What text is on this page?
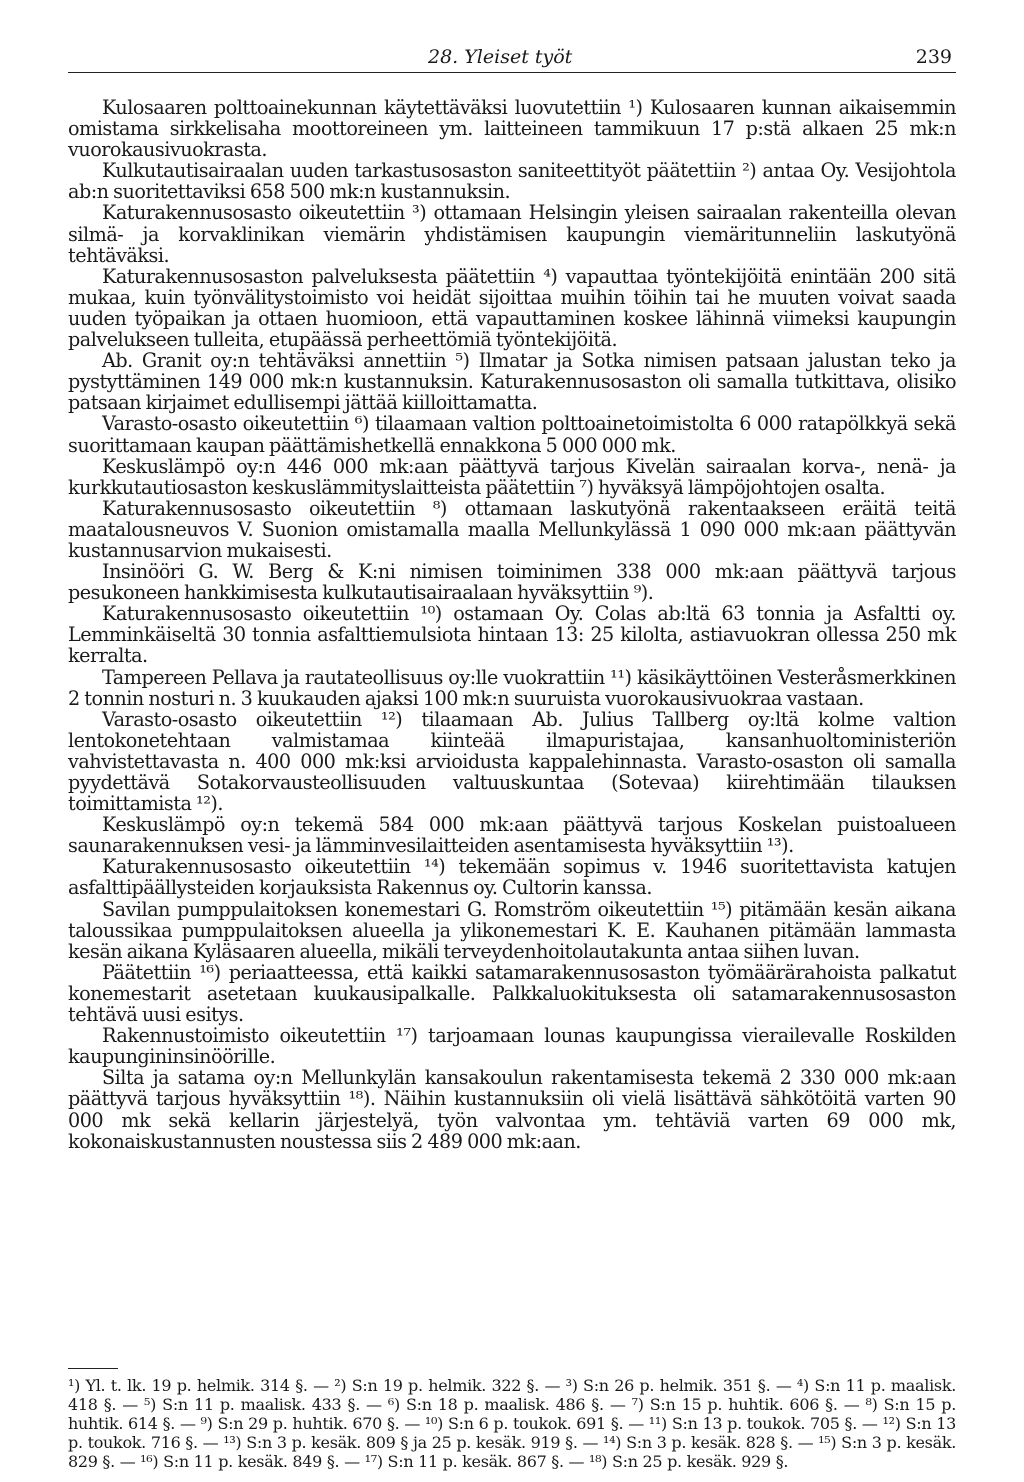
28. Yleiset työt	239

Kulosaaren polttoainekunnan käytettäväksi luovutettiin ¹) Kulosaaren kunnan aikaisemmin omistama sirkkelisaha moottoreineen ym. laitteineen tammikuun 17 p:stä alkaen 25 mk:n vuorokausivuokrasta.

Kulkutautisairaalan uuden tarkastusosaston saniteettityöt päätettiin ²) antaa Oy. Vesijohtola ab:n suoritettaviksi 658 500 mk:n kustannuksin.

Katurakennusosasto oikeutettiin ³) ottamaan Helsingin yleisen sairaalan rakenteilla olevan silmä- ja korvaklinikan viemärin yhdistämisen kaupungin viemäritunneliin laskutyönä tehtäväksi.

Katurakennusosaston palveluksesta päätettiin ⁴) vapauttaa työntekijöitä enintään 200 sitä mukaa, kuin työnvälitystoimisto voi heidät sijoittaa muihin töihin tai he muuten voivat saada uuden työpaikan ja ottaen huomioon, että vapauttaminen koskee lähinnä viimeksi kaupungin palvelukseen tulleita, etupäässä perheettömiä työntekijöitä.

Ab. Granit oy:n tehtäväksi annettiin ⁵) Ilmatar ja Sotka nimisen patsaan jalustan teko ja pystyttäminen 149 000 mk:n kustannuksin. Katurakennusosaston oli samalla tutkittava, olisiko patsaan kirjaimet edullisempi jättää kiilloittamatta.

Varasto-osasto oikeutettiin ⁶) tilaamaan valtion polttoainetoimistolta 6 000 ratapölkkyä sekä suorittamaan kaupan päättämishetkellä ennakkona 5 000 000 mk.

Keskuslämpö oy:n 446 000 mk:aan päättyvä tarjous Kivelän sairaalan korva-, nenä- ja kurkkutautiosaston keskuslämmityslaitteista päätettiin ⁷) hyväksyä lämpöjohtojen osalta.

Katurakennusosasto oikeutettiin ⁸) ottamaan laskutyönä rakentaakseen eräitä teitä maatalousneuvos V. Suonion omistamalla maalla Mellunkylässä 1 090 000 mk:aan päättyvän kustannusarvion mukaisesti.

Insinööri G. W. Berg & K:ni nimisen toiminimen 338 000 mk:aan päättyvä tarjous pesukoneen hankkimisesta kulkutautisairaalaan hyväksyttiin ⁹).

Katurakennusosasto oikeutettiin ¹⁰) ostamaan Oy. Colas ab:ltä 63 tonnia ja Asfaltti oy. Lemminkäiseltä 30 tonnia asfalttiemulsiota hintaan 13: 25 kilolta, astiavuokran ollessa 250 mk kerralta.

Tampereen Pellava ja rautateollisuus oy:lle vuokrattiin ¹¹) käsikäyttöinen Vesteråsmerkkinen 2 tonnin nosturi n. 3 kuukauden ajaksi 100 mk:n suuruista vuorokausivuokraa vastaan.

Varasto-osasto oikeutettiin ¹²) tilaamaan Ab. Julius Tallberg oy:ltä kolme valtion lentokonetehtaan valmistamaa kiinteää ilmapuristajaa, kansanhuoltoministeriön vahvistettavasta n. 400 000 mk:ksi arvioidusta kappalehinnasta. Varasto-osaston oli samalla pyydettävä Sotakorvausteollisuuden valtuuskuntaa (Sotevaa) kiirehtimään tilauksen toimittamista ¹²).

Keskuslämpö oy:n tekemä 584 000 mk:aan päättyvä tarjous Koskelan puistoalueen saunarakennuksen vesi- ja lämminvesilaitteiden asentamisesta hyväksyttiin ¹³).

Katurakennusosasto oikeutettiin ¹⁴) tekemään sopimus v. 1946 suoritettavista katujen asfalttipäällysteiden korjauksista Rakennus oy. Cultorin kanssa.

Savilan pumppulaitoksen konemestari G. Romström oikeutettiin ¹⁵) pitämään kesän aikana taloussikaa pumppulaitoksen alueella ja ylikonemestari K. E. Kauhanen pitämään lammasta kesän aikana Kyläsaaren alueella, mikäli terveydenhoitolautakunta antaa siihen luvan.

Päätettiin ¹⁶) periaatteessa, että kaikki satamarakennusosaston työmäärärahoista palkatut konemestarit asetetaan kuukausipalkalle. Palkkaluokituksesta oli satamarakennusosaston tehtävä uusi esitys.

Rakennustoimisto oikeutettiin ¹⁷) tarjoamaan lounas kaupungissa vierailevalle Roskilden kaupungininsinöörille.

Silta ja satama oy:n Mellunkylän kansakoulun rakentamisesta tekemä 2 330 000 mk:aan päättyvä tarjous hyväksyttiin ¹⁸). Näihin kustannuksiin oli vielä lisättävä sähkötöitä varten 90 000 mk sekä kellarin järjestelyä, työn valvontaa ym. tehtäviä varten 69 000 mk, kokonaiskustannusten noustessa siis 2 489 000 mk:aan.

¹) Yl. t. lk. 19 p. helmik. 314 §. — ²) S:n 19 p. helmik. 322 §. — ³) S:n 26 p. helmik. 351 §. — ⁴) S:n 11 p. maalisk. 418 §. — ⁵) S:n 11 p. maalisk. 433 §. — ⁶) S:n 18 p. maalisk. 486 §. — ⁷) S:n 15 p. huhtik. 606 §. — ⁸) S:n 15 p. huhtik. 614 §. — ⁹) S:n 29 p. huhtik. 670 §. — ¹⁰) S:n 6 p. toukok. 691 §. — ¹¹) S:n 13 p. toukok. 705 §. — ¹²) S:n 13 p. toukok. 716 §. — ¹³) S:n 3 p. kesäk. 809 § ja 25 p. kesäk. 919 §. — ¹⁴) S:n 3 p. kesäk. 828 §. — ¹⁵) S:n 3 p. kesäk. 829 §. — ¹⁶) S:n 11 p. kesäk. 849 §. — ¹⁷) S:n 11 p. kesäk. 867 §. — ¹⁸) S:n 25 p. kesäk. 929 §.
